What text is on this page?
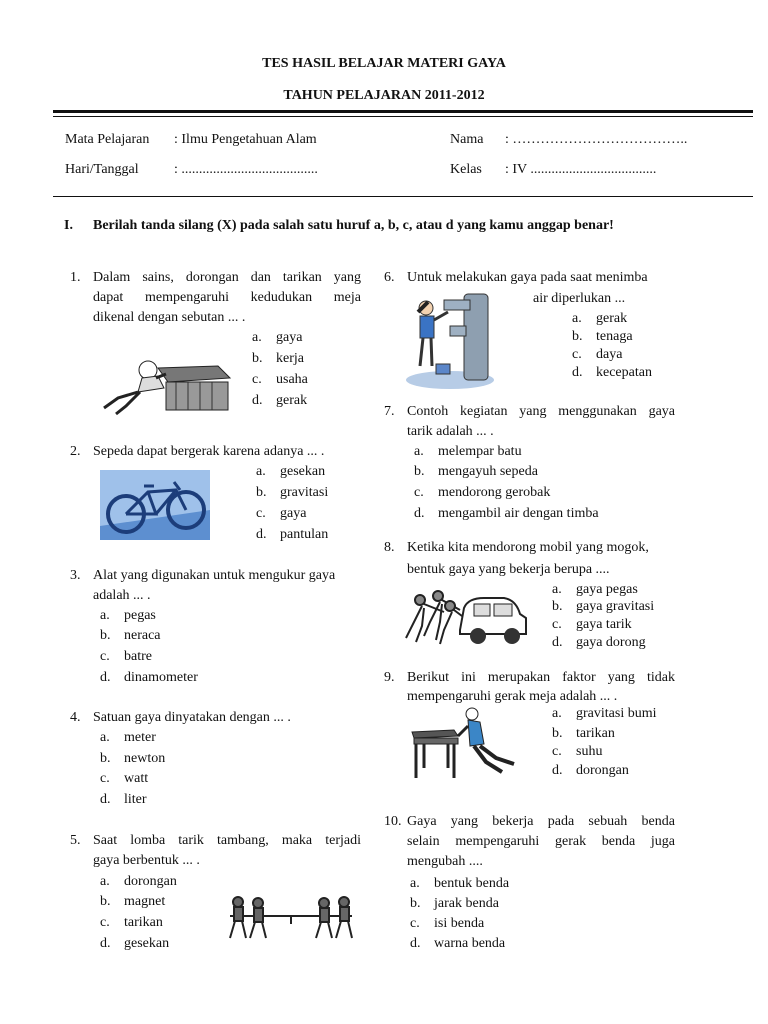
TES HASIL BELAJAR MATERI GAYA
TAHUN PELAJARAN 2011-2012
Mata Pelajaran : Ilmu Pengetahuan Alam	Nama : ………………………………..
Hari/Tanggal	: .......................................	Kelas : IV ....................................
I. Berilah tanda silang (X) pada salah satu huruf a, b, c, atau d yang kamu anggap benar!
1. Dalam sains, dorongan dan tarikan yang
dapat mempengaruhi kedudukan meja
dikenal dengan sebutan ... .
a. gaya
b. kerja
c. usaha
d. gerak
2. Sepeda dapat bergerak karena adanya ... .
a. gesekan
b. gravitasi
c. gaya
d. pantulan
3. Alat yang digunakan untuk mengukur gaya
adalah ... .
a. pegas
b. neraca
c. batre
d. dinamometer
4. Satuan gaya dinyatakan dengan ... .
a. meter
b. newton
c. watt
d. liter
5. Saat lomba tarik tambang, maka terjadi
gaya berbentuk ... .
a. dorongan
b. magnet
c. tarikan
d. gesekan
6. Untuk melakukan gaya pada saat menimba
air diperlukan ...
a. gerak
b. tenaga
c. daya
d. kecepatan
7. Contoh kegiatan yang menggunakan gaya
tarik adalah ... .
a. melempar batu
b. mengayuh sepeda
c. mendorong gerobak
d. mengambil air dengan timba
8. Ketika kita mendorong mobil yang mogok,
bentuk gaya yang bekerja berupa ....
a. gaya pegas
b. gaya gravitasi
c. gaya tarik
d. gaya dorong
9. Berikut ini merupakan faktor yang tidak
mempengaruhi gerak meja adalah ... .
a. gravitasi bumi
b. tarikan
c. suhu
d. dorongan
10. Gaya yang bekerja pada sebuah benda
selain mempengaruhi gerak benda juga
mengubah ....
a. bentuk benda
b. jarak benda
c. isi benda
d. warna benda
